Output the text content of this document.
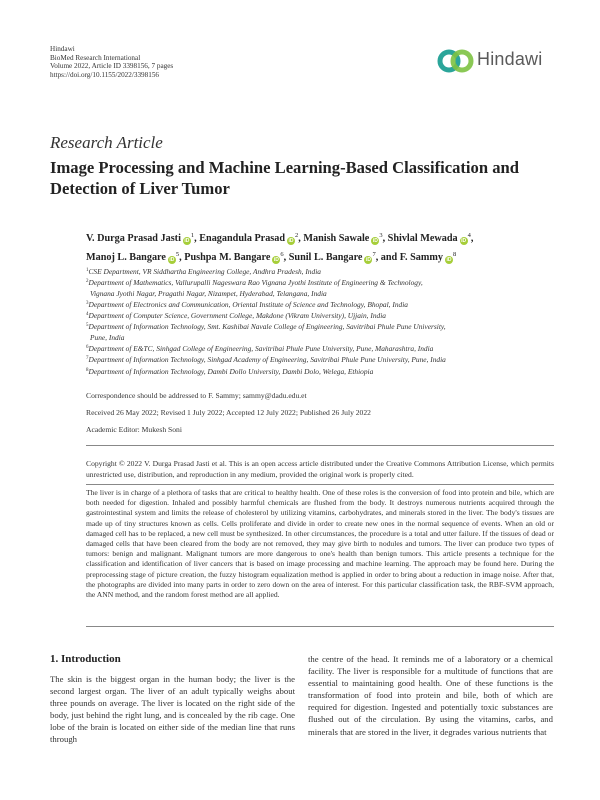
Hindawi
BioMed Research International
Volume 2022, Article ID 3398156, 7 pages
https://doi.org/10.1155/2022/3398156
Hindawi
Research Article
Image Processing and Machine Learning-Based Classification and Detection of Liver Tumor
V. Durga Prasad Jasti $iD^1$, Enagandula Prasad $iD^2$, Manish Sawale $iD^3$, Shivlal Mewada $iD^4$, Manoj L. Bangare $iD^5$, Pushpa M. Bangare $iD^6$, Sunil L. Bangare $iD^7$, and F. Sammy $iD^8$
$^1$CSE Department, VR Siddhartha Engineering College, Andhra Pradesh, India
$^2$Department of Mathematics, Vallurupalli Nageswara Rao Vignana Jyothi Institute of Engineering & Technology,
Vignana Jyothi Nagar, Pragathi Nagar, Nizampet, Hyderabad, Telangana, India
$^3$Department of Electronics and Communication, Oriental Institute of Science and Technology, Bhopal, India
$^4$Department of Computer Science, Government College, Makdone (Vikram University), Ujjain, India
$^5$Department of Information Technology, Smt. Kashibai Navale College of Engineering, Savitribai Phule Pune University,
Pune, India
$^6$Department of E&TC, Sinhgad College of Engineering, Savitribai Phule Pune University, Pune, Maharashtra, India
$^7$Department of Information Technology, Sinhgad Academy of Engineering, Savitribai Phule Pune University, Pune, India
$^8$Department of Information Technology, Dambi Dollo University, Dambi Dolo, Welega, Ethiopia
Correspondence should be addressed to F. Sammy; sammy@dadu.edu.et
Received 26 May 2022; Revised 1 July 2022; Accepted 12 July 2022; Published 26 July 2022
Academic Editor: Mukesh Soni
Copyright © 2022 V. Durga Prasad Jasti et al. This is an open access article distributed under the Creative Commons Attribution License, which permits unrestricted use, distribution, and reproduction in any medium, provided the original work is properly cited.
The liver is in charge of a plethora of tasks that are critical to healthy health. One of these roles is the conversion of food into protein and bile, which are both needed for digestion. Inhaled and possibly harmful chemicals are flushed from the body. It destroys numerous nutrients acquired through the gastrointestinal system and limits the release of cholesterol by utilizing vitamins, carbohydrates, and minerals stored in the liver. The body's tissues are made up of tiny structures known as cells. Cells proliferate and divide in order to create new ones in the normal sequence of events. When an old or damaged cell has to be replaced, a new cell must be synthesized. In other circumstances, the procedure is a total and utter failure. If the tissues of dead or damaged cells that have been cleared from the body are not removed, they may give birth to nodules and tumors. The liver can produce two types of tumors: benign and malignant. Malignant tumors are more dangerous to one's health than benign tumors. This article presents a technique for the classification and identification of liver cancers that is based on image processing and machine learning. The approach may be found here. During the preprocessing stage of picture creation, the fuzzy histogram equalization method is applied in order to bring about a reduction in image noise. After that, the photographs are divided into many parts in order to zero down on the area of interest. For this particular classification task, the RBF-SVM approach, the ANN method, and the random forest method are all applied.
1. Introduction
The skin is the biggest organ in the human body; the liver is the second largest organ. The liver of an adult typically weighs about three pounds on average. The liver is located on the right side of the body, just behind the right lung, and is concealed by the rib cage. One lobe of the brain is located on either side of the median line that runs through
the centre of the head. It reminds me of a laboratory or a chemical facility. The liver is responsible for a multitude of functions that are essential to maintaining good health. One of these functions is the transformation of food into protein and bile, both of which are required for digestion. Ingested and potentially toxic substances are flushed out of the circulation. By using the vitamins, carbs, and minerals that are stored in the liver, it degrades various nutrients that
